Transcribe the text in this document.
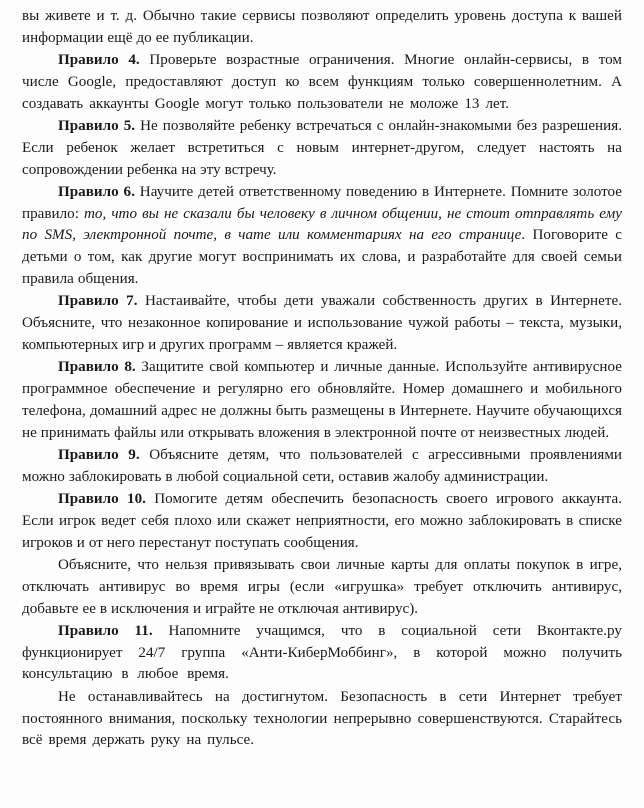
вы живете и т. д. Обычно такие сервисы позволяют определить уровень доступа к вашей информации ещё до ее публикации.

Правило 4. Проверьте возрастные ограничения. Многие онлайн-сервисы, в том числе Google, предоставляют доступ ко всем функциям только совершеннолетним. А создавать аккаунты Google могут только пользователи не моложе 13 лет.

Правило 5. Не позволяйте ребенку встречаться с онлайн-знакомыми без разрешения. Если ребенок желает встретиться с новым интернет-другом, следует настоять на сопровождении ребенка на эту встречу.

Правило 6. Научите детей ответственному поведению в Интернете. Помните золотое правило: то, что вы не сказали бы человеку в личном общении, не стоит отправлять ему по SMS, электронной почте, в чате или комментариях на его странице. Поговорите с детьми о том, как другие могут воспринимать их слова, и разработайте для своей семьи правила общения.

Правило 7. Настаивайте, чтобы дети уважали собственность других в Интернете. Объясните, что незаконное копирование и использование чужой работы – текста, музыки, компьютерных игр и других программ – является кражей.

Правило 8. Защитите свой компьютер и личные данные. Используйте антивирусное программное обеспечение и регулярно его обновляйте. Номер домашнего и мобильного телефона, домашний адрес не должны быть размещены в Интернете. Научите обучающихся не принимать файлы или открывать вложения в электронной почте от неизвестных людей.

Правило 9. Объясните детям, что пользователей с агрессивными проявлениями можно заблокировать в любой социальной сети, оставив жалобу администрации.

Правило 10. Помогите детям обеспечить безопасность своего игрового аккаунта. Если игрок ведет себя плохо или скажет неприятности, его можно заблокировать в списке игроков и от него перестанут поступать сообщения.

Объясните, что нельзя привязывать свои личные карты для оплаты покупок в игре, отключать антивирус во время игры (если «игрушка» требует отключить антивирус, добавьте ее в исключения и играйте не отключая антивирус).

Правило 11. Напомните учащимся, что в социальной сети Вконтакте.ру функционирует 24/7 группа «Анти-КиберМоббинг», в которой можно получить консультацию в любое время.

Не останавливайтесь на достигнутом. Безопасность в сети Интернет требует постоянного внимания, поскольку технологии непрерывно совершенствуются. Старайтесь всё время держать руку на пульсе.
